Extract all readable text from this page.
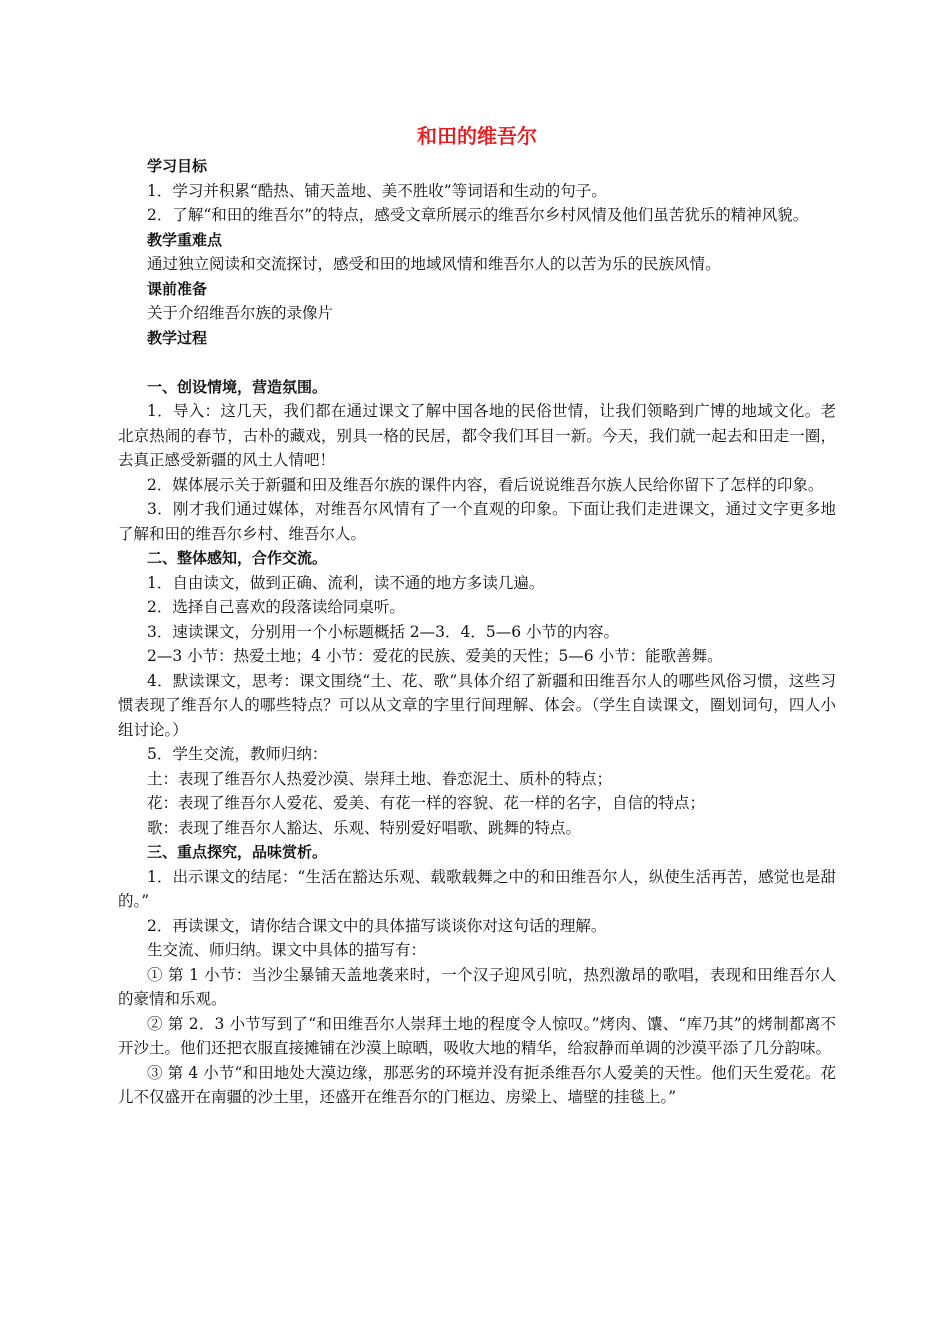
和田的维吾尔
学习目标

1．学习并积累“酷热、铺天盖地、美不胜收”等词语和生动的句子。

2．了解“和田的维吾尔”的特点，感受文章所展示的维吾尔乡村风情及他们虽苦犹乐的精神风貌。

教学重难点

通过独立阅读和交流探讨，感受和田的地域风情和维吾尔人的以苦为乐的民族风情。

课前准备

关于介绍维吾尔族的录像片

教学过程
一、创设情境，营造氛围。

1．导入：这几天，我们都在通过课文了解中国各地的民俗世情，让我们领略到广博的地域文化。老北京热闹的春节，古朴的藏戏，别具一格的民居，都令我们耳目一新。今天，我们就一起去和田走一圈，去真正感受新疆的风土人情吧！

2．媒体展示关于新疆和田及维吾尔族的课件内容，看后说说维吾尔族人民给你留下了怎样的印象。

3．刚才我们通过媒体，对维吾尔风情有了一个直观的印象。下面让我们走进课文，通过文字更多地了解和田的维吾尔乡村、维吾尔人。

二、整体感知，合作交流。

1．自由读文，做到正确、流利，读不通的地方多读几遍。

2．选择自己喜欢的段落读给同桌听。

3．速读课文，分别用一个小标题概括 2—3．4．5—6 小节的内容。

2—3 小节：热爱土地；4 小节：爱花的民族、爱美的天性；5—6 小节：能歌善舞。

4．默读课文，思考：课文围绕“土、花、歌”具体介绍了新疆和田维吾尔人的哪些风俗习惯，这些习惯表现了维吾尔人的哪些特点？可以从文章的字里行间理解、体会。（学生自读课文，圈划词句，四人小组讨论。）

5．学生交流，教师归纳：

土：表现了维吾尔人热爱沙漠、崇拜土地、眷恋泥土、质朴的特点；

花：表现了维吾尔人爱花、爱美、有花一样的容貌、花一样的名字，自信的特点；

歌：表现了维吾尔人豁达、乐观、特别爱好唱歌、跳舞的特点。

三、重点探究，品味赏析。

1．出示课文的结尾：“生活在豁达乐观、载歌载舞之中的和田维吾尔人，纵使生活再苦，感觉也是甜的。”

2．再读课文，请你结合课文中的具体描写谈谈你对这句话的理解。

生交流、师归纳。课文中具体的描写有：

① 第 1 小节：当沙尘暴铺天盖地袭来时，一个汉子迎风引吭，热烈激昂的歌唱，表现和田维吾尔人的豪情和乐观。

② 第 2．3 小节写到了“和田维吾尔人崇拜土地的程度令人惊叹。”烤肉、馕、“库乃其”的烤制都离不开沙土。他们还把衣服直接摊铺在沙漠上晾晒，吸收大地的精华，给寂静而单调的沙漠平添了几分韵味。

③ 第 4 小节“和田地处大漠边缘，那恶劣的环境并没有扼杀维吾尔人爱美的天性。他们天生爱花。花儿不仅盛开在南疆的沙土里，还盛开在维吾尔的门框边、房梁上、墙壁的挂毯上。”
